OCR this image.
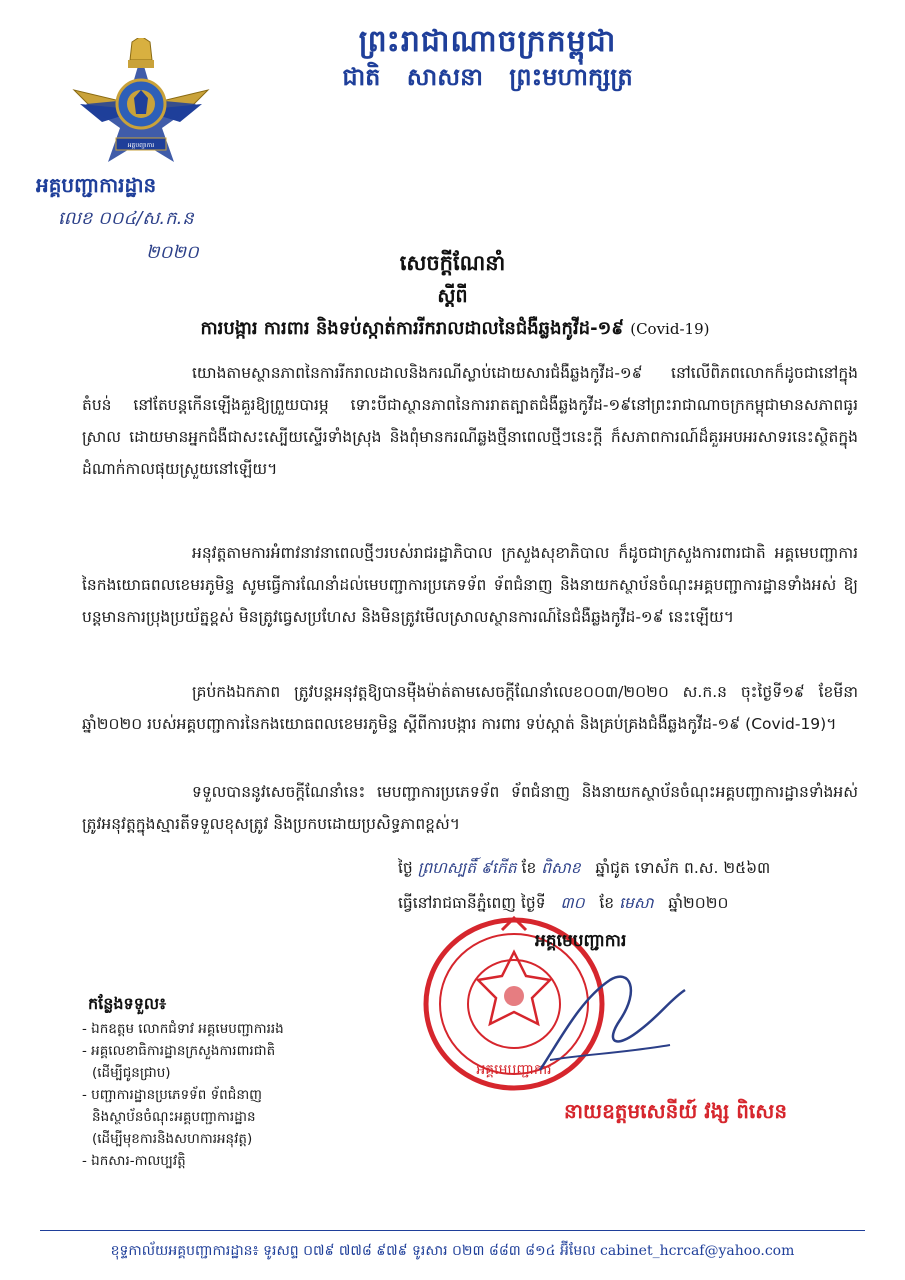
អគ្គបញ្ជាការ
ព្រះរាជាណាចក្រកម្ពុជា
ជាតិ សាសនា ព្រះមហាក្សត្រ
អគ្គបញ្ជាការដ្ឋាន
លេខ ០០៤/ស.ក.ន
២០២០	សេចក្តីណែនាំ
ស្តីពី
ការបង្ការ ការពារ និងទប់ស្កាត់ការរីករាលដាលនៃជំងឺឆ្លងកូវីដ-១៩ (Covid-19)
យោងតាមស្ថានភាពនៃការរីករាលដាលនិងករណីស្លាប់ដោយសារជំងឺឆ្លងកូវីដ-១៩ នៅលើពិភពលោកក៏ដូចជានៅក្នុងតំបន់ នៅតែបន្តកើនឡើងគួរឱ្យព្រួយបារម្ភ ទោះបីជាស្ថានភាពនៃការរាតត្បាតជំងឺឆ្លងកូវីដ-១៩នៅព្រះរាជាណាចក្រកម្ពុជាមានសភាពធូរស្រាល ដោយមានអ្នកជំងឺជាសះស្បើយស្ទើរទាំងស្រុង និងពុំមានករណីឆ្លងថ្មីនាពេលថ្មីៗនេះក្តី ក៏សភាពការណ៍ដ៏គួរអបអរសាទរនេះស្ថិតក្នុងដំណាក់កាលផុយស្រួយនៅឡើយ។
អនុវត្តតាមការអំពាវនាវនាពេលថ្មីៗរបស់រាជរដ្ឋាភិបាល ក្រសួងសុខាភិបាល ក៏ដូចជាក្រសួងការពារជាតិ អគ្គមេបញ្ជាការនៃកងយោធពលខេមរភូមិន្ទ សូមធ្វើការណែនាំដល់មេបញ្ជាការប្រភេទទ័ព ទ័ពជំនាញ និងនាយកស្ថាប័នចំណុះអគ្គបញ្ជាការដ្ឋានទាំងអស់ ឱ្យបន្តមានការប្រុងប្រយ័ត្នខ្ពស់ មិនត្រូវធ្វេសប្រហែស និងមិនត្រូវមើលស្រាលស្ថានការណ៍នៃជំងឺឆ្លងកូវីដ-១៩ នេះឡើយ។
គ្រប់កងឯកភាព ត្រូវបន្តអនុវត្តឱ្យបានម៉ឺងម៉ាត់តាមសេចក្តីណែនាំលេខ០០៣/២០២០ ស.ក.ន ចុះថ្ងៃទី១៩ ខែមីនា ឆ្នាំ២០២០ របស់អគ្គបញ្ជាការនៃកងយោធពលខេមរភូមិន្ទ ស្តីពីការបង្ការ ការពារ ទប់ស្កាត់ និងគ្រប់គ្រងជំងឺឆ្លងកូវីដ-១៩ (Covid-19)។
ទទួលបាននូវសេចក្តីណែនាំនេះ មេបញ្ជាការប្រភេទទ័ព ទ័ពជំនាញ និងនាយកស្ថាប័នចំណុះអគ្គបញ្ជាការដ្ឋានទាំងអស់ ត្រូវអនុវត្តក្នុងស្មារតីទទួលខុសត្រូវ និងប្រកបដោយប្រសិទ្ធភាពខ្ពស់។
ថ្ងៃ ព្រហស្បតិ៍ ៩កើត ខែ ពិសាខ ឆ្នាំជូត ទោស័ក ព.ស. ២៥៦៣
ធ្វើនៅរាជធានីភ្នំពេញ ថ្ងៃទី ៣០ ខែ មេសា ឆ្នាំ២០២០
អគ្គមេបញ្ជាការ
អគ្គមេបញ្ជាការ
កន្លែងទទួល៖
- ឯកឧត្តម លោកជំទាវ អគ្គមេបញ្ជាការរង
- អគ្គលេខាធិការដ្ឋានក្រសួងការពារជាតិ
(ដើម្បីជូនជ្រាប)
- បញ្ជាការដ្ឋានប្រភេទទ័ព ទ័ពជំនាញ
និងស្ថាប័នចំណុះអគ្គបញ្ជាការដ្ឋាន
(ដើម្បីមុខការនិងសហការអនុវត្ត)
- ឯកសារ-កាលប្បវត្តិ
នាយឧត្តមសេនីយ៍ វង្ស ពិសេន
ខុទ្ទកាល័យអគ្គបញ្ជាការដ្ឋាន៖ ទូរសព្ទ ០៧៩ ៧៧៨ ៩៧៩ ទូរសារ ០២៣ ៨៨៣ ៨១៤ អ៊ីមែល cabinet_hcrcaf@yahoo.com
